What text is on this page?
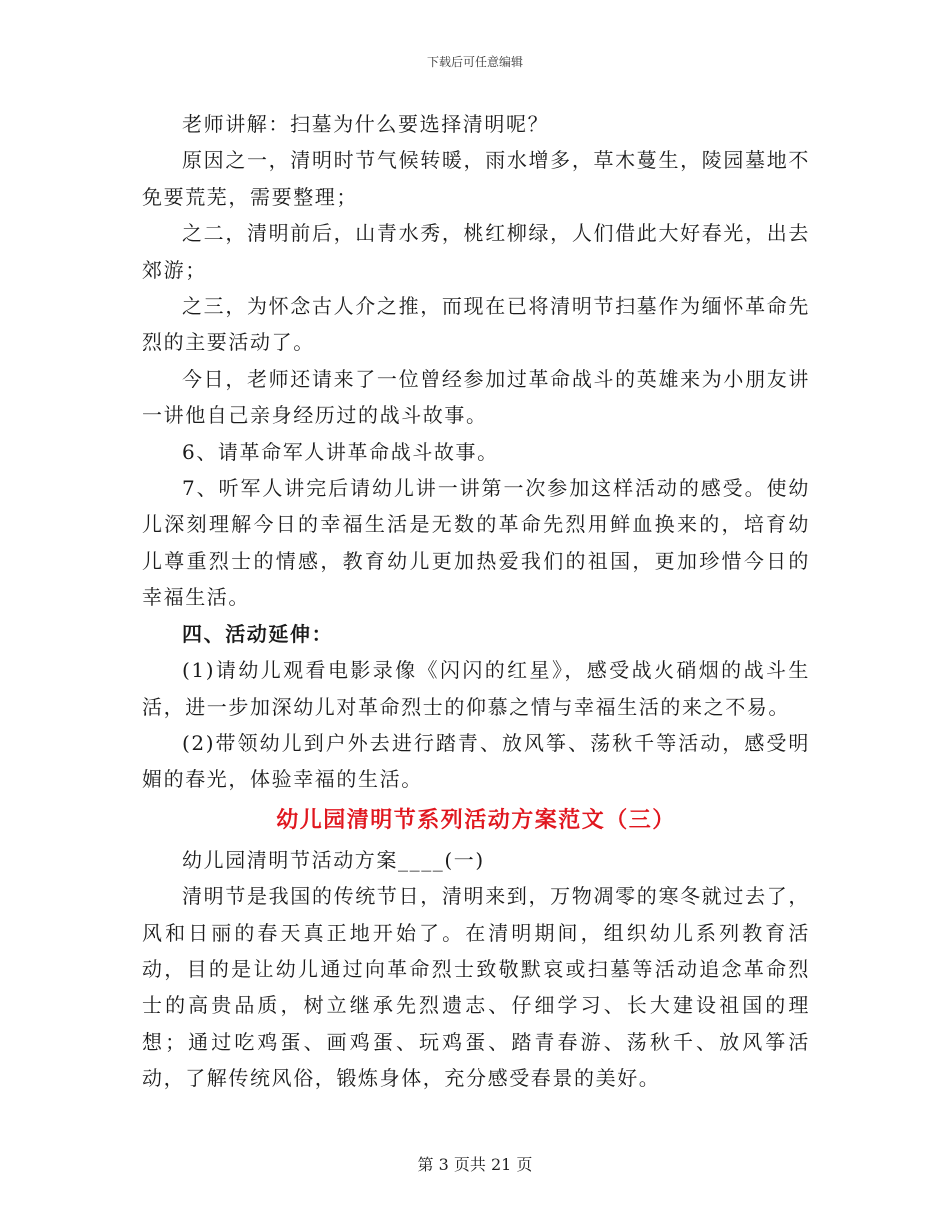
下载后可任意编辑

老师讲解：扫墓为什么要选择清明呢？

原因之一，清明时节气候转暖，雨水增多，草木蔓生，陵园墓地不免要荒芜，需要整理；

之二，清明前后，山青水秀，桃红柳绿，人们借此大好春光，出去郊游；

之三，为怀念古人介之推，而现在已将清明节扫墓作为缅怀革命先烈的主要活动了。

今日，老师还请来了一位曾经参加过革命战斗的英雄来为小朋友讲一讲他自己亲身经历过的战斗故事。

6、请革命军人讲革命战斗故事。

7、听军人讲完后请幼儿讲一讲第一次参加这样活动的感受。使幼儿深刻理解今日的幸福生活是无数的革命先烈用鲜血换来的，培育幼儿尊重烈士的情感，教育幼儿更加热爱我们的祖国，更加珍惜今日的幸福生活。

四、活动延伸：

(1)请幼儿观看电影录像《闪闪的红星》，感受战火硝烟的战斗生活，进一步加深幼儿对革命烈士的仰慕之情与幸福生活的来之不易。

(2)带领幼儿到户外去进行踏青、放风筝、荡秋千等活动，感受明媚的春光，体验幸福的生活。

幼儿园清明节系列活动方案范文（三）

幼儿园清明节活动方案____(一)

清明节是我国的传统节日，清明来到，万物凋零的寒冬就过去了，风和日丽的春天真正地开始了。在清明期间，组织幼儿系列教育活动，目的是让幼儿通过向革命烈士致敬默哀或扫墓等活动追念革命烈士的高贵品质，树立继承先烈遗志、仔细学习、长大建设祖国的理想；通过吃鸡蛋、画鸡蛋、玩鸡蛋、踏青春游、荡秋千、放风筝活动，了解传统风俗，锻炼身体，充分感受春景的美好。

第 3 页共 21 页
